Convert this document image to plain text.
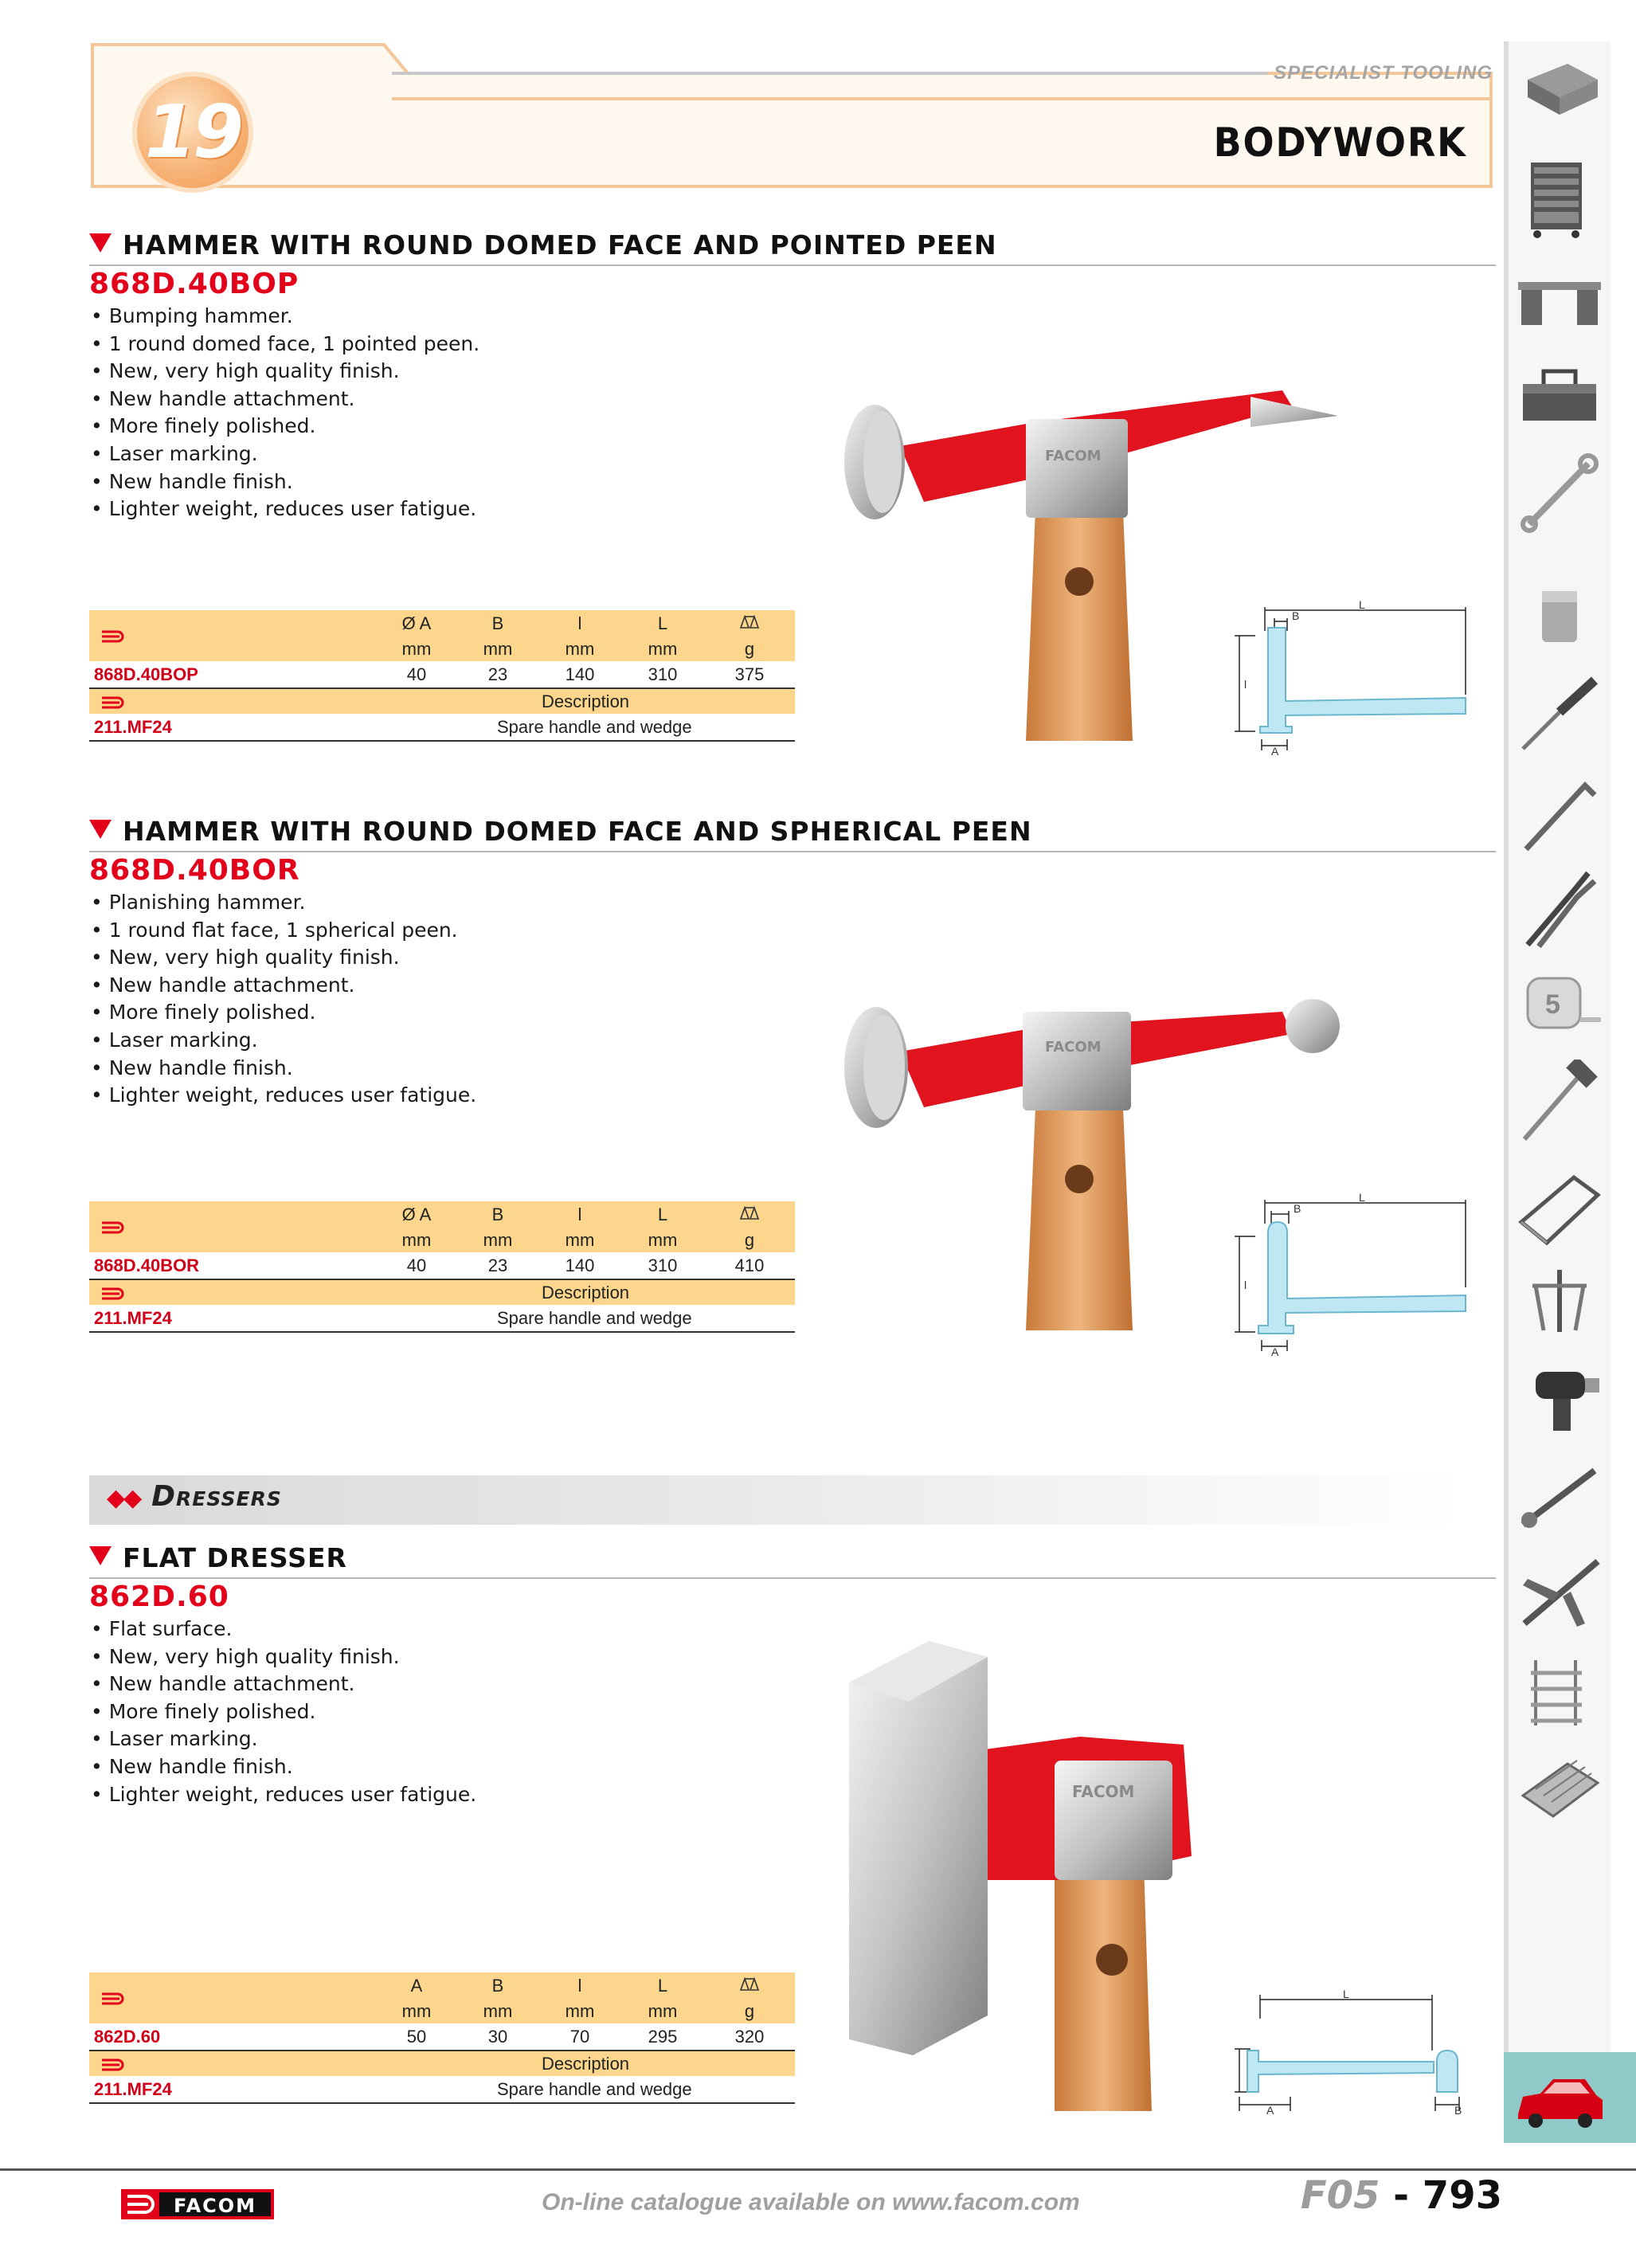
19
SPECIALIST TOOLING
BODYWORK
5
HAMMER WITH ROUND DOMED FACE AND POINTED PEEN
868D.40BOP
• Bumping hammer.
• 1 round domed face, 1 pointed peen.
• New, very high quality finish.
• New handle attachment.
• More finely polished.
• Laser marking.
• New handle finish.
• Lighter weight, reduces user fatigue.
FACOM
L
B
l
A
	Ø A	B	l	L	
	mm	mm	mm	mm	g
868D.40BOP	40	23	140	310	375
	Description				
211.MF24	Spare handle and wedge				
HAMMER WITH ROUND DOMED FACE AND SPHERICAL PEEN
868D.40BOR
• Planishing hammer.
• 1 round flat face, 1 spherical peen.
• New, very high quality finish.
• New handle attachment.
• More finely polished.
• Laser marking.
• New handle finish.
• Lighter weight, reduces user fatigue.
FACOM
L
B
l
A
	Ø A	B	l	L	
	mm	mm	mm	mm	g
868D.40BOR	40	23	140	310	410
	Description				
211.MF24	Spare handle and wedge				
◆◆ Dressers
FLAT DRESSER
862D.60
• Flat surface.
• New, very high quality finish.
• New handle attachment.
• More finely polished.
• Laser marking.
• New handle finish.
• Lighter weight, reduces user fatigue.	FACOM
L
A	B
	A	B	l	L	
	mm	mm	mm	mm	g
862D.60	50	30	70	295	320
	Description				
211.MF24	Spare handle and wedge				
FACOM	On-line catalogue available on www.facom.com	F05 - 793
